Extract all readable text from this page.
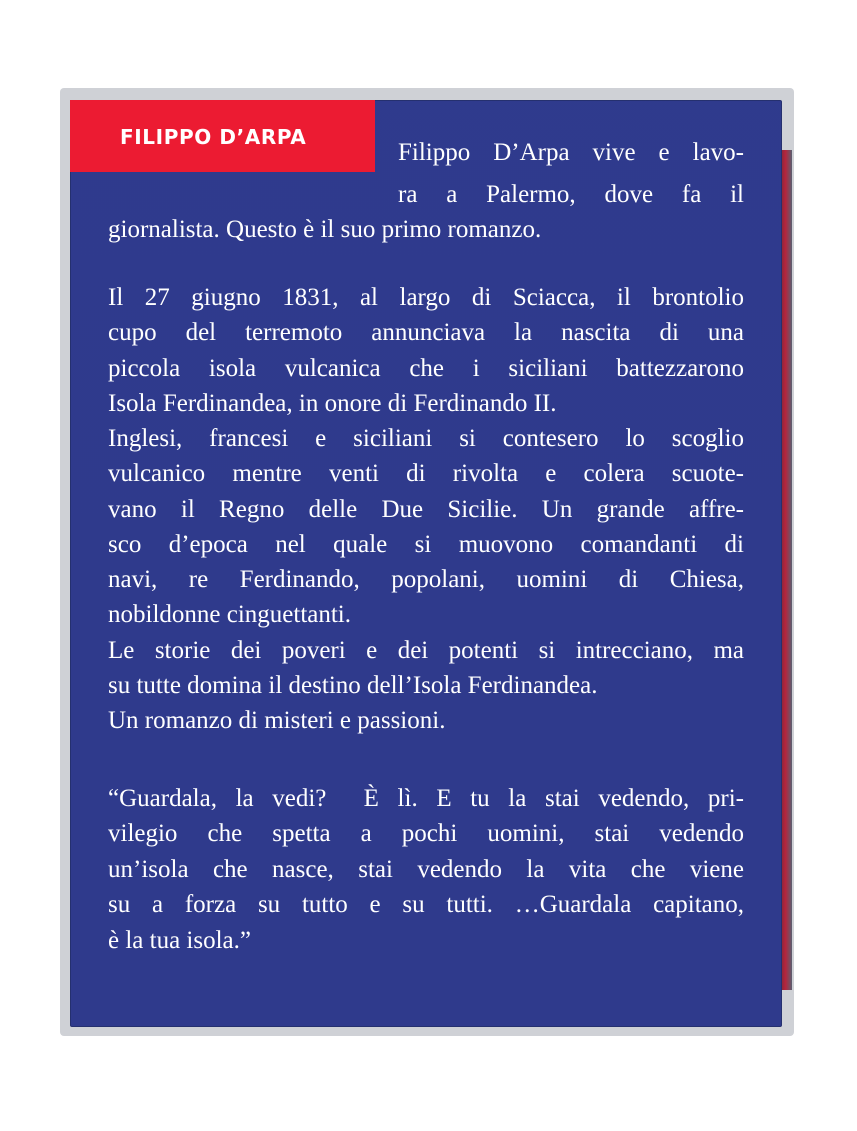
FILIPPO D’ARPA
Filippo D’Arpa vive e lavo-
ra a Palermo, dove fa il
giornalista. Questo è il suo primo romanzo.
Il 27 giugno 1831, al largo di Sciacca, il brontolio
cupo del terremoto annunciava la nascita di una
piccola isola vulcanica che i siciliani battezzarono
Isola Ferdinandea, in onore di Ferdinando II.
Inglesi, francesi e siciliani si contesero lo scoglio
vulcanico mentre venti di rivolta e colera scuote-
vano il Regno delle Due Sicilie. Un grande affre-
sco d’epoca nel quale si muovono comandanti di
navi, re Ferdinando, popolani, uomini di Chiesa,
nobildonne cinguettanti.
Le storie dei poveri e dei potenti si intrecciano, ma
su tutte domina il destino dell’Isola Ferdinandea.
Un romanzo di misteri e passioni.
“Guardala, la vedi?  È lì. E tu la stai vedendo, pri-
vilegio che spetta a pochi uomini, stai vedendo
un’isola che nasce, stai vedendo la vita che viene
su a forza su tutto e su tutti. …Guardala capitano,
è la tua isola.”
